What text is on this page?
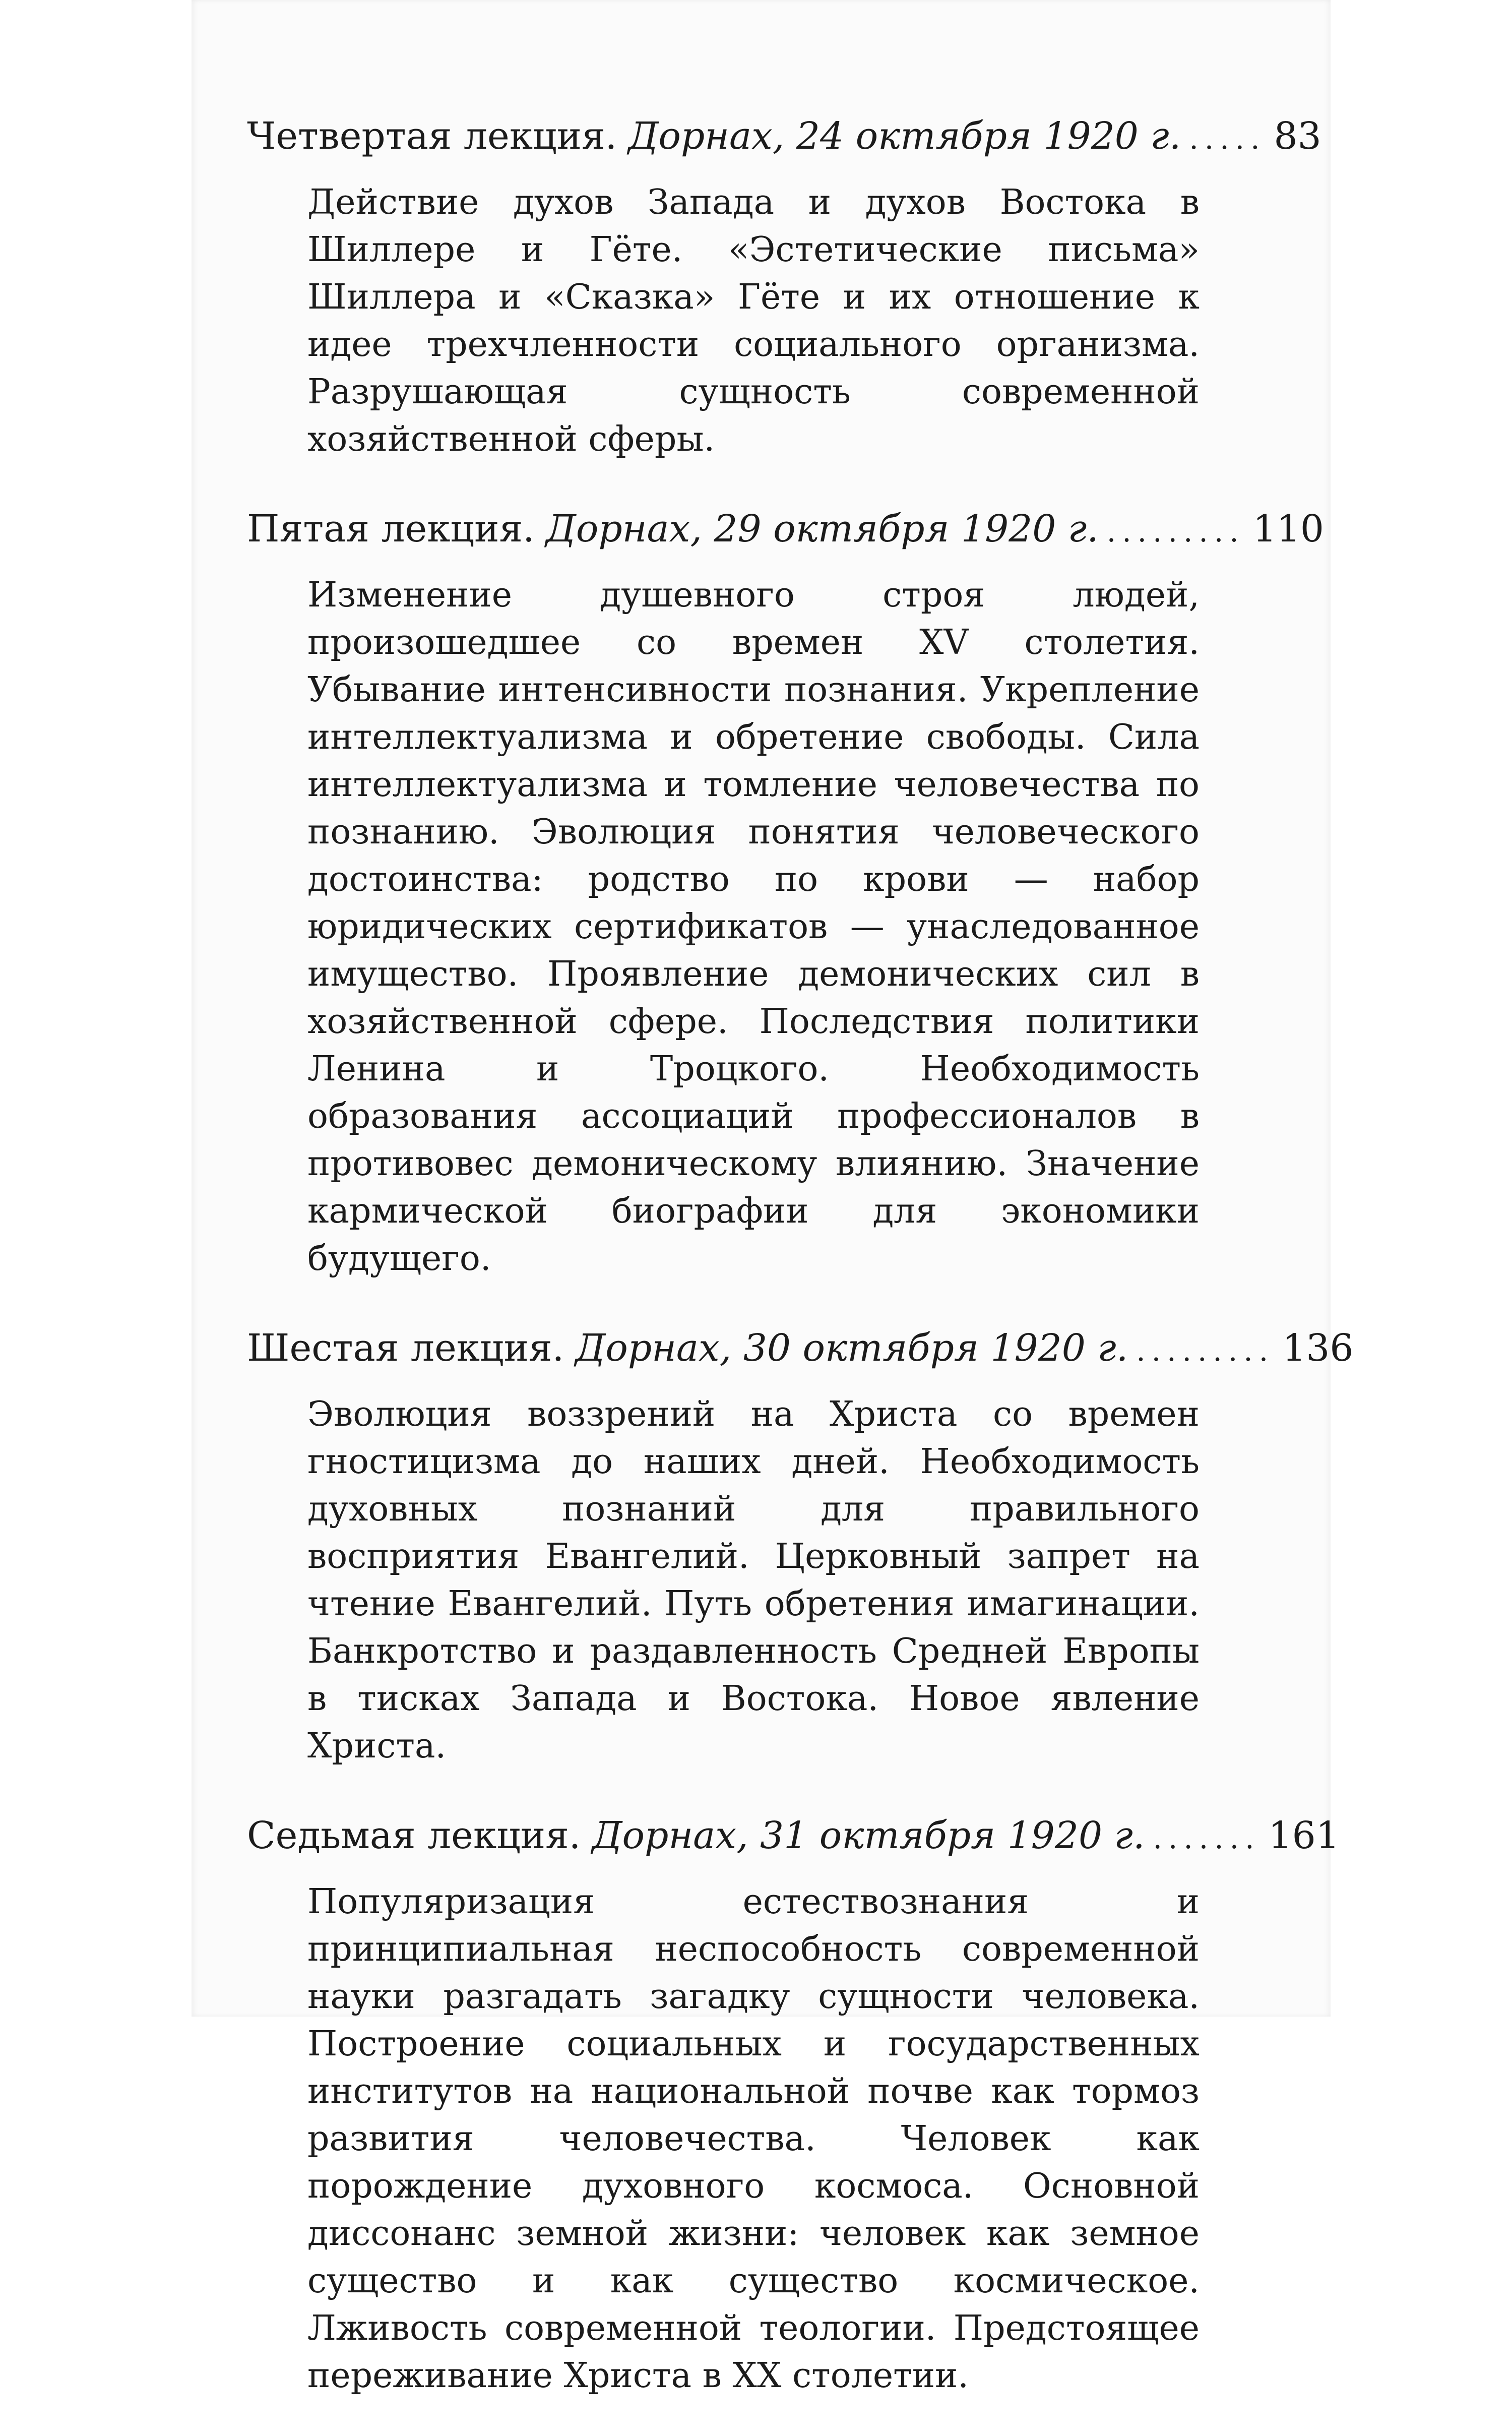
Четвертая лекция. Дорнах, 24 октября 1920 г. ..... 83
Действие духов Запада и духов Востока в Шиллере и Гёте. «Эстетические письма» Шиллера и «Сказка» Гёте и их отношение к идее трехчленности социального организма. Разрушающая сущность современной хозяйственной сферы.
Пятая лекция. Дорнах, 29 октября 1920 г. ......... 110
Изменение душевного строя людей, произошедшее со времен XV столетия. Убывание интенсивности познания. Укрепление интеллектуализма и обретение свободы. Сила интеллектуализма и томление человечества по познанию. Эволюция понятия человеческого достоинства: родство по крови — набор юридических сертификатов — унаследованное имущество. Проявление демонических сил в хозяйственной сфере. Последствия политики Ленина и Троцкого. Необходимость образования ассоциаций профессионалов в противовес демоническому влиянию. Значение кармической биографии для экономики будущего.
Шестая лекция. Дорнах, 30 октября 1920 г. ......... 136
Эволюция воззрений на Христа со времен гностицизма до наших дней. Необходимость духовных познаний для правильного восприятия Евангелий. Церковный запрет на чтение Евангелий. Путь обретения имагинации. Банкротство и раздавленность Средней Европы в тисках Запада и Востока. Новое явление Христа.
Седьмая лекция. Дорнах, 31 октября 1920 г. ....... 161
Популяризация естествознания и принципиальная неспособность современной науки разгадать загадку сущности человека. Построение социальных и государственных институтов на национальной почве как тормоз развития человечества. Человек как порождение духовного космоса. Основной диссонанс земной жизни: человек как земное существо и как существо космическое. Лживость современной теологии. Предстоящее переживание Христа в XX столетии.
